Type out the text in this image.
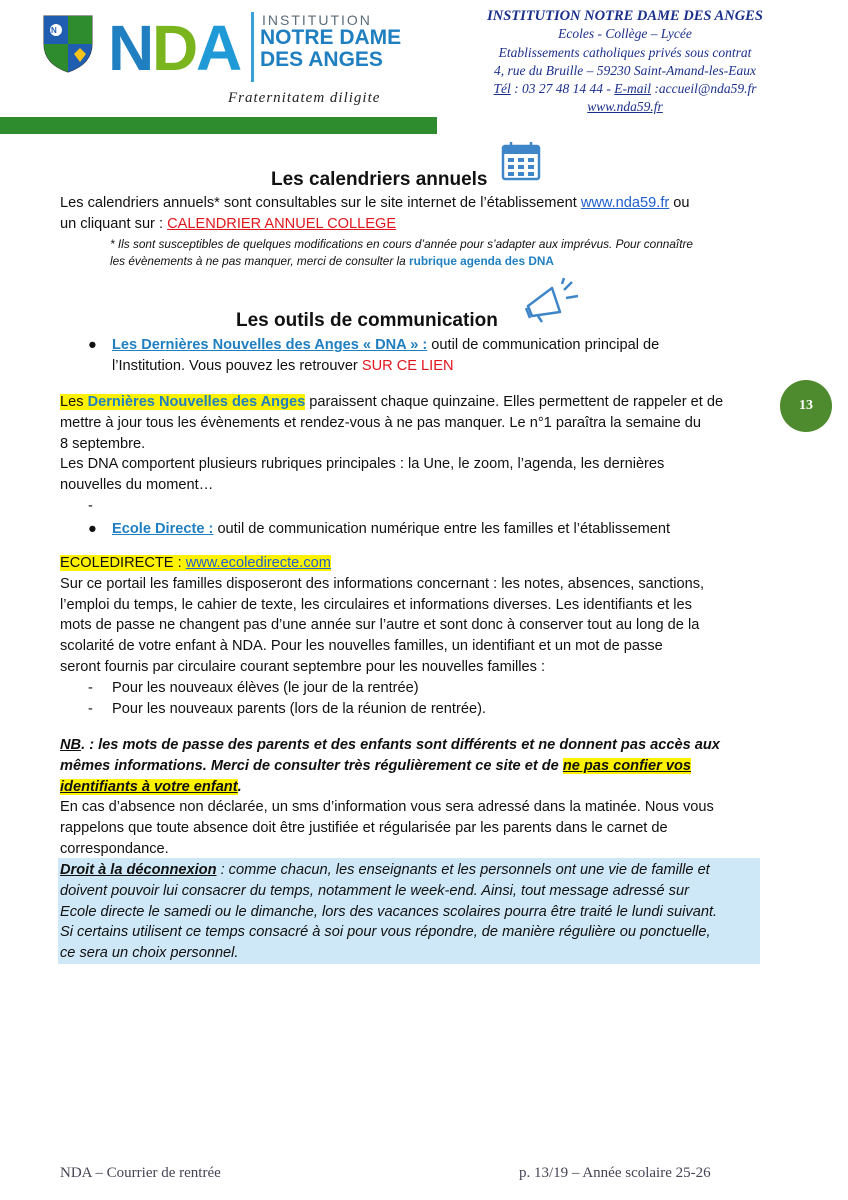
N N D A INSTITUTION
NOTRE DAME
DES ANGES
Fraternitatem diligite
INSTITUTION NOTRE DAME DES ANGES
Ecoles - Collège – Lycée
Etablissements catholiques privés sous contrat
4, rue du Bruille – 59230 Saint-Amand-les-Eaux
Tél : 03 27 48 14 44 - E-mail :accueil@nda59.fr
www.nda59.fr
Les calendriers annuels
Les calendriers annuels* sont consultables sur le site internet de l’établissement www.nda59.fr ou
un cliquant sur : CALENDRIER ANNUEL COLLEGE
* Ils sont susceptibles de quelques modifications en cours d’année pour s’adapter aux imprévus. Pour connaître
les évènements à ne pas manquer, merci de consulter la rubrique agenda des DNA
Les outils de communication
● Les Dernières Nouvelles des Anges « DNA » : outil de communication principal de
l’Institution. Vous pouvez les retrouver SUR CE LIEN
Les Dernières Nouvelles des Anges paraissent chaque quinzaine. Elles permettent de rappeler et de
mettre à jour tous les évènements et rendez-vous à ne pas manquer. Le n°1 paraîtra la semaine du
8 septembre.
Les DNA comportent plusieurs rubriques principales : la Une, le zoom, l’agenda, les dernières
nouvelles du moment…
-
● Ecole Directe : outil de communication numérique entre les familles et l’établissement
ECOLEDIRECTE : www.ecoledirecte.com
Sur ce portail les familles disposeront des informations concernant : les notes, absences, sanctions,
l’emploi du temps, le cahier de texte, les circulaires et informations diverses. Les identifiants et les
mots de passe ne changent pas d’une année sur l’autre et sont donc à conserver tout au long de la
scolarité de votre enfant à NDA. Pour les nouvelles familles, un identifiant et un mot de passe
seront fournis par circulaire courant septembre pour les nouvelles familles :
- Pour les nouveaux élèves (le jour de la rentrée)
- Pour les nouveaux parents (lors de la réunion de rentrée).
NB. : les mots de passe des parents et des enfants sont différents et ne donnent pas accès aux
mêmes informations. Merci de consulter très régulièrement ce site et de ne pas confier vos
identifiants à votre enfant.
En cas d’absence non déclarée, un sms d’information vous sera adressé dans la matinée. Nous vous
rappelons que toute absence doit être justifiée et régularisée par les parents dans le carnet de
correspondance.
Droit à la déconnexion : comme chacun, les enseignants et les personnels ont une vie de famille et
doivent pouvoir lui consacrer du temps, notamment le week-end. Ainsi, tout message adressé sur
Ecole directe le samedi ou le dimanche, lors des vacances scolaires pourra être traité le lundi suivant.
Si certains utilisent ce temps consacré à soi pour vous répondre, de manière régulière ou ponctuelle,
ce sera un choix personnel.
13
NDA – Courrier de rentrée	p. 13/19 – Année scolaire 25-26
